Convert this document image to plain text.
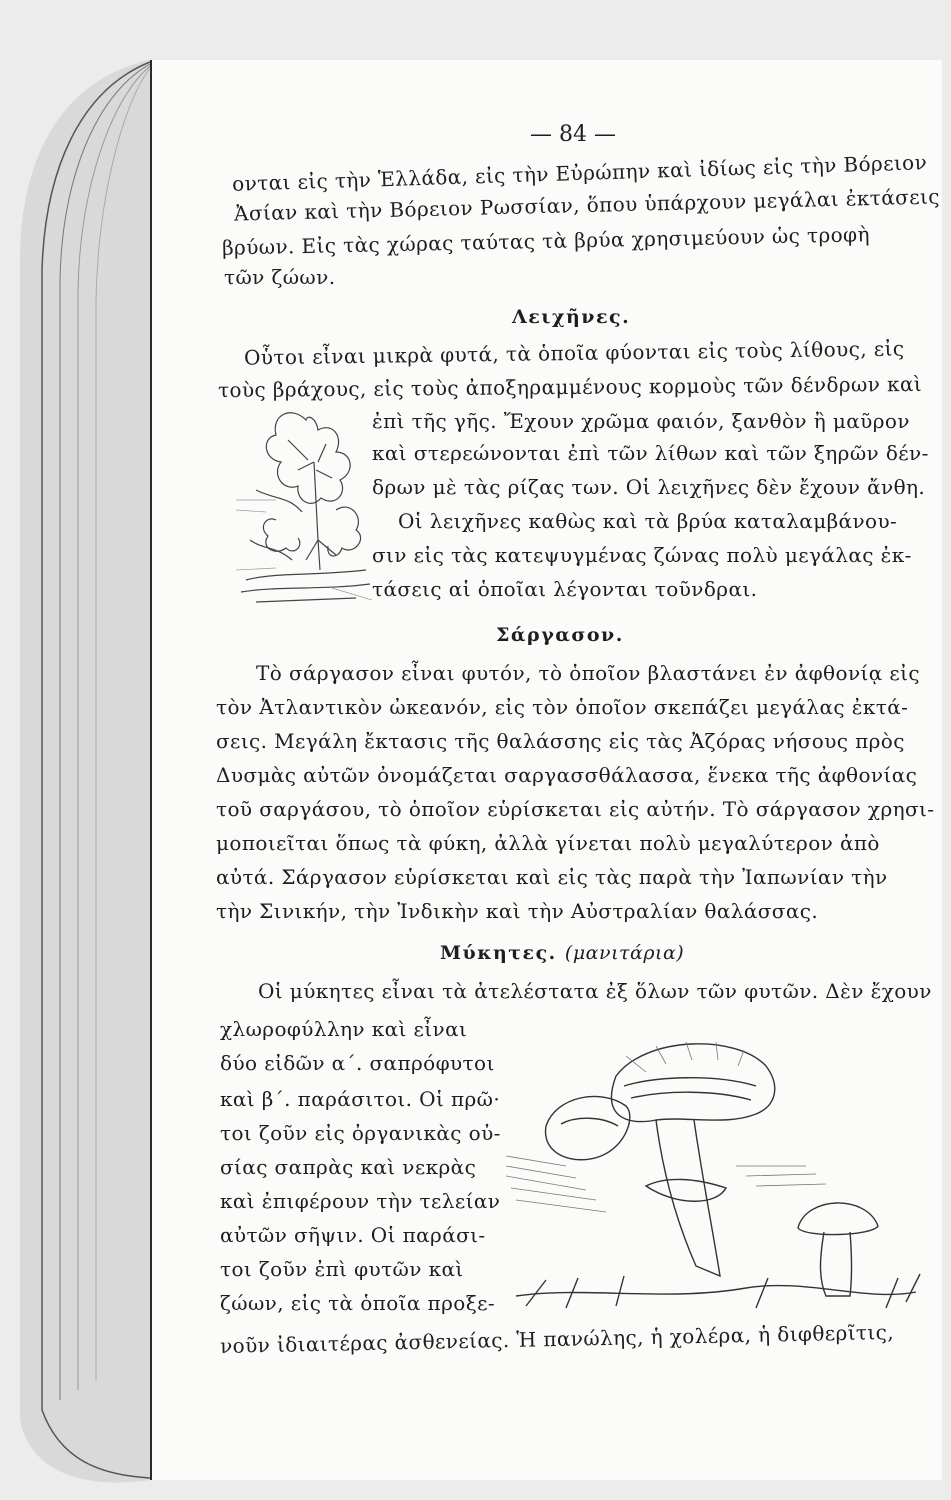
— 84 —
ονται εἰς τὴν Ἑλλάδα, εἰς τὴν Εὐρώπην καὶ ἰδίως εἰς τὴν Βόρειον
Ἀσίαν καὶ τὴν Βόρειον Ρωσσίαν, ὅπου ὑπάρχουν μεγάλαι ἐκτάσεις
βρύων. Εἰς τὰς χώρας ταύτας τὰ βρύα χρησιμεύουν ὡς τροφὴ
τῶν ζώων.
Λειχῆνες.
Οὗτοι εἶναι μικρὰ φυτά, τὰ ὁποῖα φύονται εἰς τοὺς λίθους, εἰς
τοὺς βράχους, εἰς τοὺς ἀποξηραμμένους κορμοὺς τῶν δένδρων καὶ
ἐπὶ τῆς γῆς. Ἔχουν χρῶμα φαιόν, ξανθὸν ἢ μαῦρον
καὶ στερεώνονται ἐπὶ τῶν λίθων καὶ τῶν ξηρῶν δέν-
δρων μὲ τὰς ρίζας των. Οἱ λειχῆνες δὲν ἔχουν ἄνθη.
Οἱ λειχῆνες καθὼς καὶ τὰ βρύα καταλαμβάνου-
σιν εἰς τὰς κατεψυγμένας ζώνας πολὺ μεγάλας ἐκ-
τάσεις αἱ ὁποῖαι λέγονται τοῦνδραι.
Σάργασον.
Τὸ σάργασον εἶναι φυτόν, τὸ ὁποῖον βλαστάνει ἐν ἀφθονίᾳ εἰς
τὸν Ἀτλαντικὸν ὠκεανόν, εἰς τὸν ὁποῖον σκεπάζει μεγάλας ἐκτά-
σεις. Μεγάλη ἔκτασις τῆς θαλάσσης εἰς τὰς Ἀζόρας νήσους πρὸς
Δυσμὰς αὐτῶν ὀνομάζεται σαργασσθάλασσα, ἕνεκα τῆς ἀφθονίας
τοῦ σαργάσου, τὸ ὁποῖον εὑρίσκεται εἰς αὐτήν. Τὸ σάργασον χρησι-
μοποιεῖται ὅπως τὰ φύκη, ἀλλὰ γίνεται πολὺ μεγαλύτερον ἀπὸ
αὐτά. Σάργασον εὑρίσκεται καὶ εἰς τὰς παρὰ τὴν Ἰαπωνίαν τὴν
τὴν Σινικήν, τὴν Ἰνδικὴν καὶ τὴν Αὐστραλίαν θαλάσσας.
Μύκητες. (μανιτάρια)
Οἱ μύκητες εἶναι τὰ ἀτελέστατα ἐξ ὅλων τῶν φυτῶν. Δὲν ἔχουν
χλωροφύλλην καὶ εἶναι
δύο εἰδῶν α΄. σαπρόφυτοι
καὶ β΄. παράσιτοι. Οἱ πρῶ·
τοι ζοῦν εἰς ὀργανικὰς οὐ-
σίας σαπρὰς καὶ νεκρὰς
καὶ ἐπιφέρουν τὴν τελείαν
αὐτῶν σῆψιν. Οἱ παράσι-
τοι ζοῦν ἐπὶ φυτῶν καὶ
ζώων, εἰς τὰ ὁποῖα προξε-
νοῦν ἰδιαιτέρας ἀσθενείας. Ἡ πανώλης, ἡ χολέρα, ἡ διφθερῖτις,
